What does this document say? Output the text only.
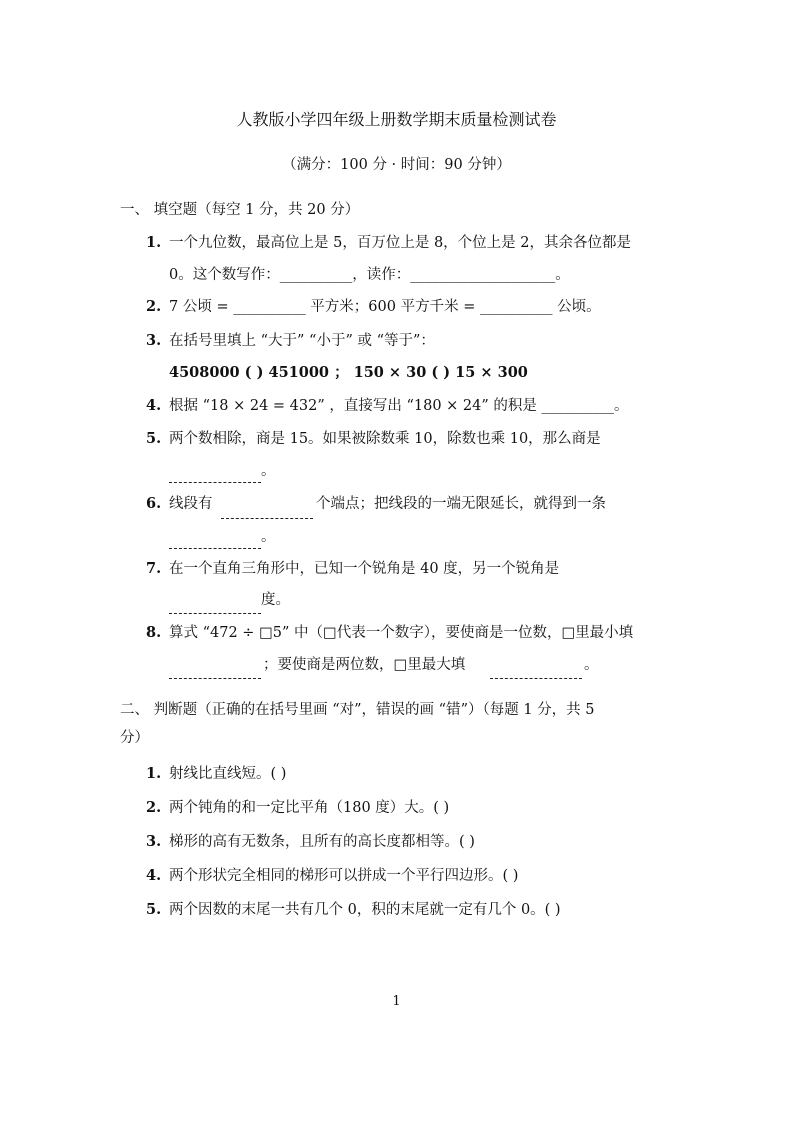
人教版小学四年级上册数学期末质量检测试卷
（满分：100 分 · 时间：90 分钟）
一、 填空题（每空 1 分，共 20 分）
1. 一个九位数，最高位上是 5，百万位上是 8，个位上是 2，其余各位都是
0。这个数写作：__________，读作：____________________。
2. 7 公顷 = __________ 平方米；600 平方千米 = __________ 公顷。
3. 在括号里填上 “大于” “小于” 或 “等于”：
4508000 ( ) 451000 ； 150 × 30 ( ) 15 × 300
4. 根据 “18 × 24 = 432” ，直接写出 “180 × 24” 的积是 __________。
5. 两个数相除，商是 15。如果被除数乘 10，除数也乘 10，那么商是
。
6. 线段有	个端点；把线段的一端无限延长，就得到一条
。
7. 在一个直角三角形中，已知一个锐角是 40 度，另一个锐角是
度。
8. 算式 “472 ÷ □5” 中（□代表一个数字），要使商是一位数，□里最小填
；要使商是两位数，□里最大填	。
二、 判断题（正确的在括号里画 “对”，错误的画 “错”）（每题 1 分，共 5
分）
1. 射线比直线短。( )
2. 两个钝角的和一定比平角（180 度）大。( )
3. 梯形的高有无数条，且所有的高长度都相等。( )
4. 两个形状完全相同的梯形可以拼成一个平行四边形。( )
5. 两个因数的末尾一共有几个 0，积的末尾就一定有几个 0。( )
1
